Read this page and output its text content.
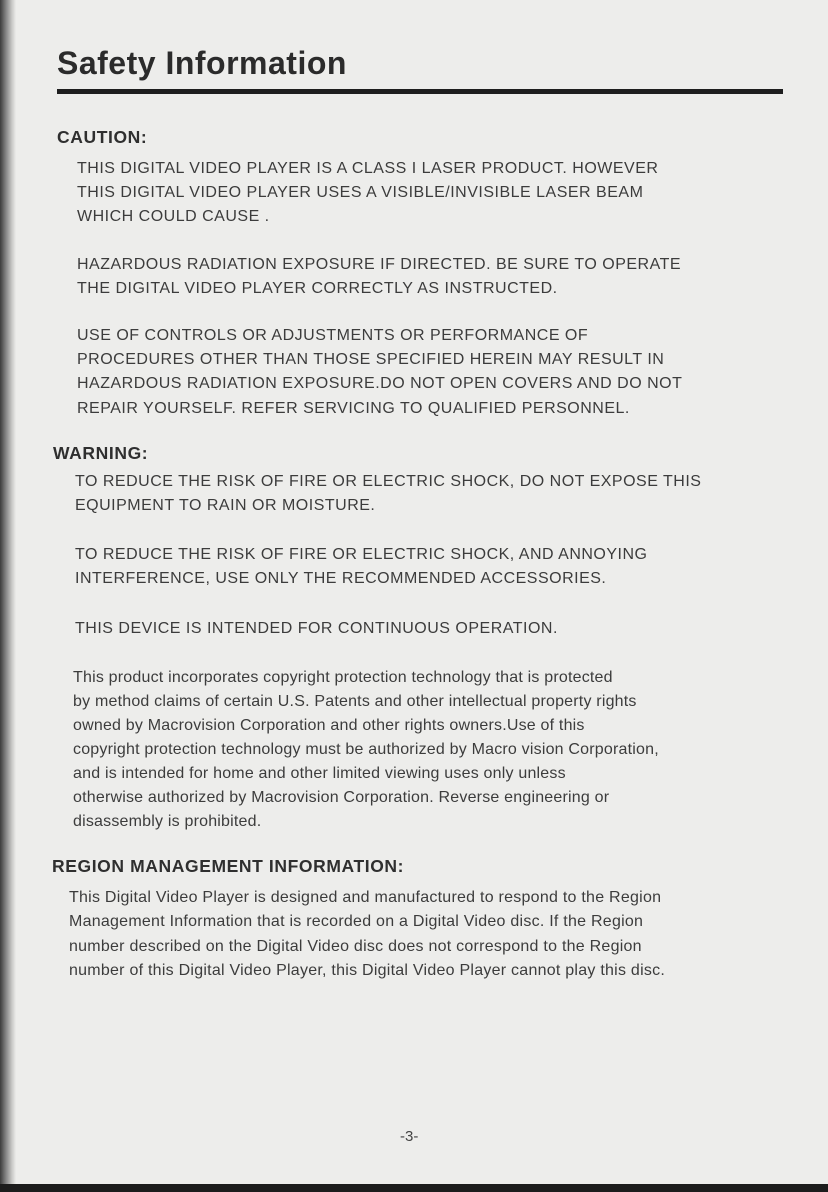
Safety Information
CAUTION:

THIS DIGITAL VIDEO PLAYER IS A CLASS I LASER PRODUCT. HOWEVER
THIS DIGITAL VIDEO PLAYER USES A VISIBLE/INVISIBLE LASER BEAM
WHICH COULD CAUSE .

HAZARDOUS RADIATION EXPOSURE IF DIRECTED. BE SURE TO OPERATE
THE DIGITAL VIDEO PLAYER CORRECTLY AS INSTRUCTED.

USE OF CONTROLS OR ADJUSTMENTS OR PERFORMANCE OF
PROCEDURES OTHER THAN THOSE SPECIFIED HEREIN MAY RESULT IN
HAZARDOUS RADIATION EXPOSURE.DO NOT OPEN COVERS AND DO NOT
REPAIR YOURSELF. REFER SERVICING TO QUALIFIED PERSONNEL.

WARNING:

TO REDUCE THE RISK OF FIRE OR ELECTRIC SHOCK, DO NOT EXPOSE THIS
EQUIPMENT TO RAIN OR MOISTURE.

TO REDUCE THE RISK OF FIRE OR ELECTRIC SHOCK, AND ANNOYING
INTERFERENCE, USE ONLY THE RECOMMENDED ACCESSORIES.

THIS DEVICE IS INTENDED FOR CONTINUOUS OPERATION.

This product incorporates copyright protection technology that is protected
by method claims of certain U.S. Patents and other intellectual property rights
owned by Macrovision Corporation and other rights owners.Use of this
copyright protection technology must be authorized by Macro vision Corporation,
and is intended for home and other limited viewing uses only unless
otherwise authorized by Macrovision Corporation. Reverse engineering or
disassembly is prohibited.

REGION MANAGEMENT INFORMATION:

This Digital Video Player is designed and manufactured to respond to the Region
Management Information that is recorded on a Digital Video disc. If the Region
number described on the Digital Video disc does not correspond to the Region
number of this Digital Video Player, this Digital Video Player cannot play this disc.

-3-
